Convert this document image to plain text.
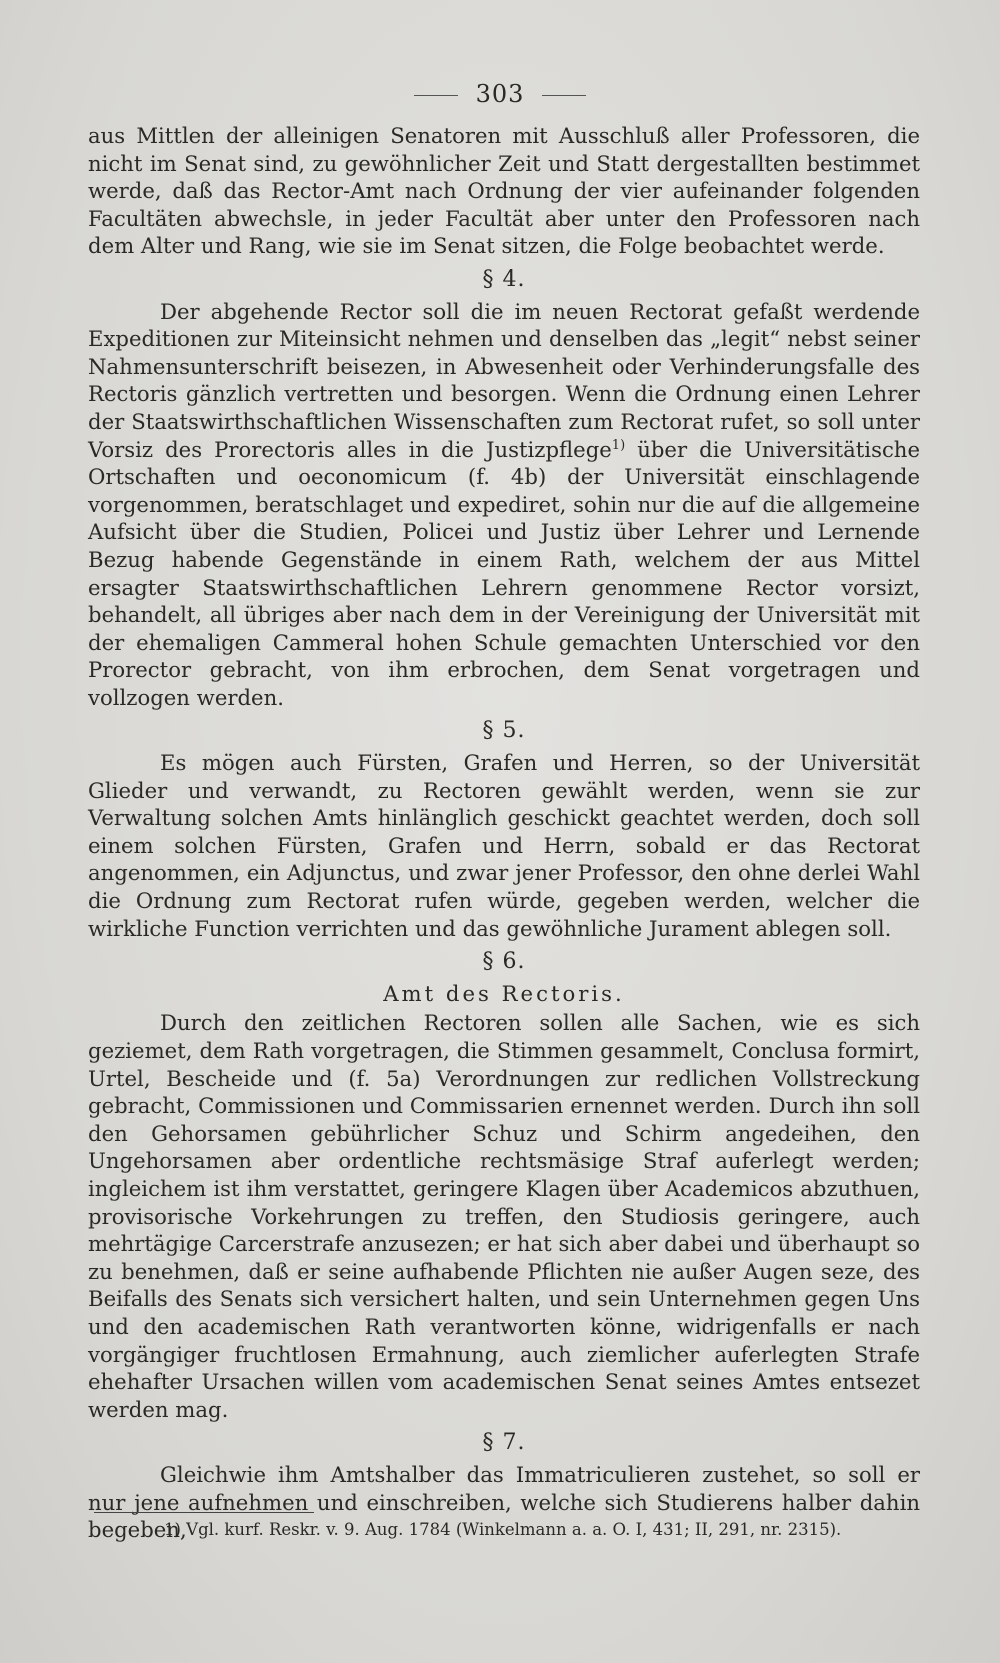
303

aus Mittlen der alleinigen Senatoren mit Ausschluß aller Professoren, die nicht im Senat sind, zu gewöhnlicher Zeit und Statt dergestallten bestimmet werde, daß das Rector-Amt nach Ordnung der vier aufeinander folgenden Facultäten abwechsle, in jeder Facultät aber unter den Professoren nach dem Alter und Rang, wie sie im Senat sitzen, die Folge beobachtet werde.

§ 4.

Der abgehende Rector soll die im neuen Rectorat gefaßt werdende Expeditionen zur Miteinsicht nehmen und denselben das „legit“ nebst seiner Nahmensunterschrift beisezen, in Abwesenheit oder Verhinderungsfalle des Rectoris gänzlich vertretten und besorgen. Wenn die Ordnung einen Lehrer der Staatswirthschaftlichen Wissenschaften zum Rectorat rufet, so soll unter Vorsiz des Prorectoris alles in die Justizpflege$^{1)}$ über die Universitätische Ortschaften und oeconomicum (f. 4b) der Universität einschlagende vorgenommen, beratschlaget und expediret, sohin nur die auf die allgemeine Aufsicht über die Studien, Policei und Justiz über Lehrer und Lernende Bezug habende Gegenstände in einem Rath, welchem der aus Mittel ersagter Staatswirthschaftlichen Lehrern genommene Rector vorsizt, behandelt, all übriges aber nach dem in der Vereinigung der Universität mit der ehemaligen Cammeral hohen Schule gemachten Unterschied vor den Prorector gebracht, von ihm erbrochen, dem Senat vorgetragen und vollzogen werden.

§ 5.

Es mögen auch Fürsten, Grafen und Herren, so der Universität Glieder und verwandt, zu Rectoren gewählt werden, wenn sie zur Verwaltung solchen Amts hinlänglich geschickt geachtet werden, doch soll einem solchen Fürsten, Grafen und Herrn, sobald er das Rectorat angenommen, ein Adjunctus, und zwar jener Professor, den ohne derlei Wahl die Ordnung zum Rectorat rufen würde, gegeben werden, welcher die wirkliche Function verrichten und das gewöhnliche Jurament ablegen soll.

§ 6.
Amt des Rectoris.

Durch den zeitlichen Rectoren sollen alle Sachen, wie es sich geziemet, dem Rath vorgetragen, die Stimmen gesammelt, Conclusa formirt, Urtel, Bescheide und (f. 5a) Verordnungen zur redlichen Vollstreckung gebracht, Commissionen und Commissarien ernennet werden. Durch ihn soll den Gehorsamen gebührlicher Schuz und Schirm angedeihen, den Ungehorsamen aber ordentliche rechtsmäsige Straf auferlegt werden; ingleichem ist ihm verstattet, geringere Klagen über Academicos abzuthuen, provisorische Vorkehrungen zu treffen, den Studiosis geringere, auch mehrtägige Carcerstrafe anzusezen; er hat sich aber dabei und überhaupt so zu benehmen, daß er seine aufhabende Pflichten nie außer Augen seze, des Beifalls des Senats sich versichert halten, und sein Unternehmen gegen Uns und den academischen Rath verantworten könne, widrigenfalls er nach vorgängiger fruchtlosen Ermahnung, auch ziemlicher auferlegten Strafe ehehafter Ursachen willen vom academischen Senat seines Amtes entsezet werden mag.

§ 7.

Gleichwie ihm Amtshalber das Immatriculieren zustehet, so soll er nur jene aufnehmen und einschreiben, welche sich Studierens halber dahin begeben,

1) Vgl. kurf. Reskr. v. 9. Aug. 1784 (Winkelmann a. a. O. I, 431; II, 291, nr. 2315).
